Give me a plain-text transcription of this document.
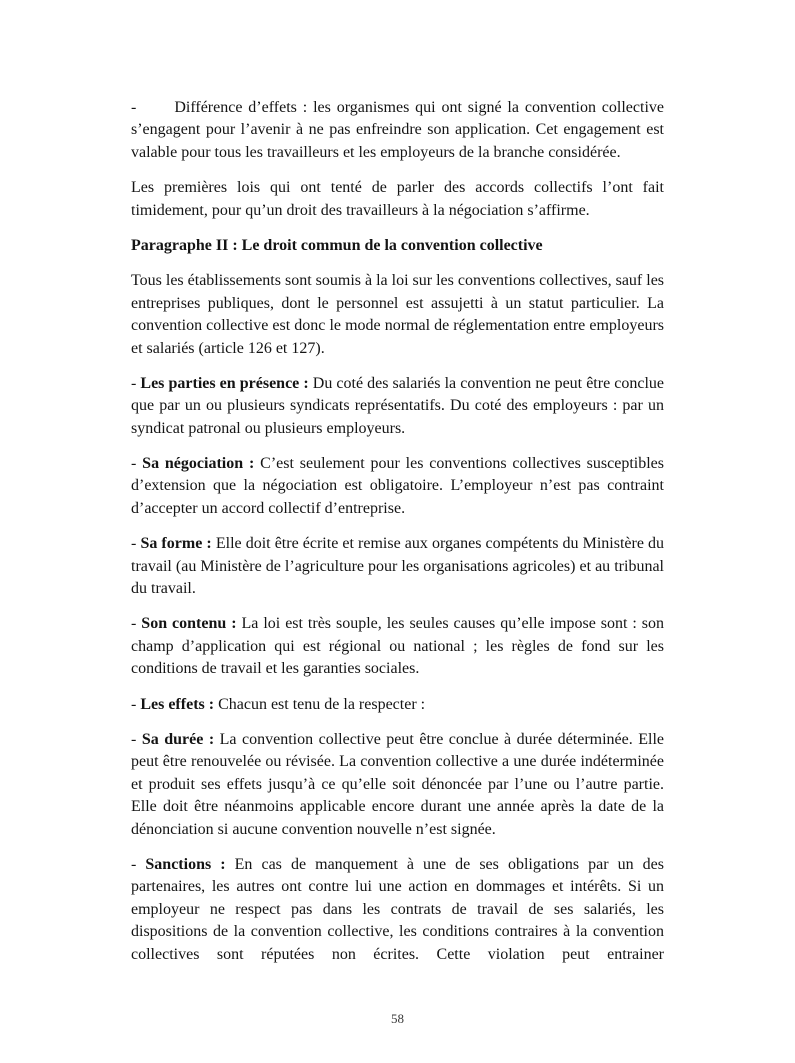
- Différence d’effets : les organismes qui ont signé la convention collective s’engagent pour l’avenir à ne pas enfreindre son application. Cet engagement est valable pour tous les travailleurs et les employeurs de la branche considérée.
Les premières lois qui ont tenté de parler des accords collectifs l’ont fait timidement, pour qu’un droit des travailleurs à la négociation s’affirme.
Paragraphe II : Le droit commun de la convention collective
Tous les établissements sont soumis à la loi sur les conventions collectives, sauf les entreprises publiques, dont le personnel est assujetti à un statut particulier. La convention collective est donc le mode normal de réglementation entre employeurs et salariés (article 126 et 127).
- Les parties en présence : Du coté des salariés la convention ne peut être conclue que par un ou plusieurs syndicats représentatifs. Du coté des employeurs : par un syndicat patronal ou plusieurs employeurs.
- Sa négociation : C’est seulement pour les conventions collectives susceptibles d’extension que la négociation est obligatoire. L’employeur n’est pas contraint d’accepter un accord collectif d’entreprise.
- Sa forme : Elle doit être écrite et remise aux organes compétents du Ministère du travail (au Ministère de l’agriculture pour les organisations agricoles) et au tribunal du travail.
- Son contenu : La loi est très souple, les seules causes qu’elle impose sont : son champ d’application qui est régional ou national ; les règles de fond sur les conditions de travail et les garanties sociales.
- Les effets : Chacun est tenu de la respecter :
- Sa durée : La convention collective peut être conclue à durée déterminée. Elle peut être renouvelée ou révisée. La convention collective a une durée indéterminée et produit ses effets jusqu’à ce qu’elle soit dénoncée par l’une ou l’autre partie. Elle doit être néanmoins applicable encore durant une année après la date de la dénonciation si aucune convention nouvelle n’est signée.
- Sanctions : En cas de manquement à une de ses obligations par un des partenaires, les autres ont contre lui une action en dommages et intérêts. Si un employeur ne respect pas dans les contrats de travail de ses salariés, les dispositions de la convention collective, les conditions contraires à la convention collectives sont réputées non écrites. Cette violation peut entrainer
58
